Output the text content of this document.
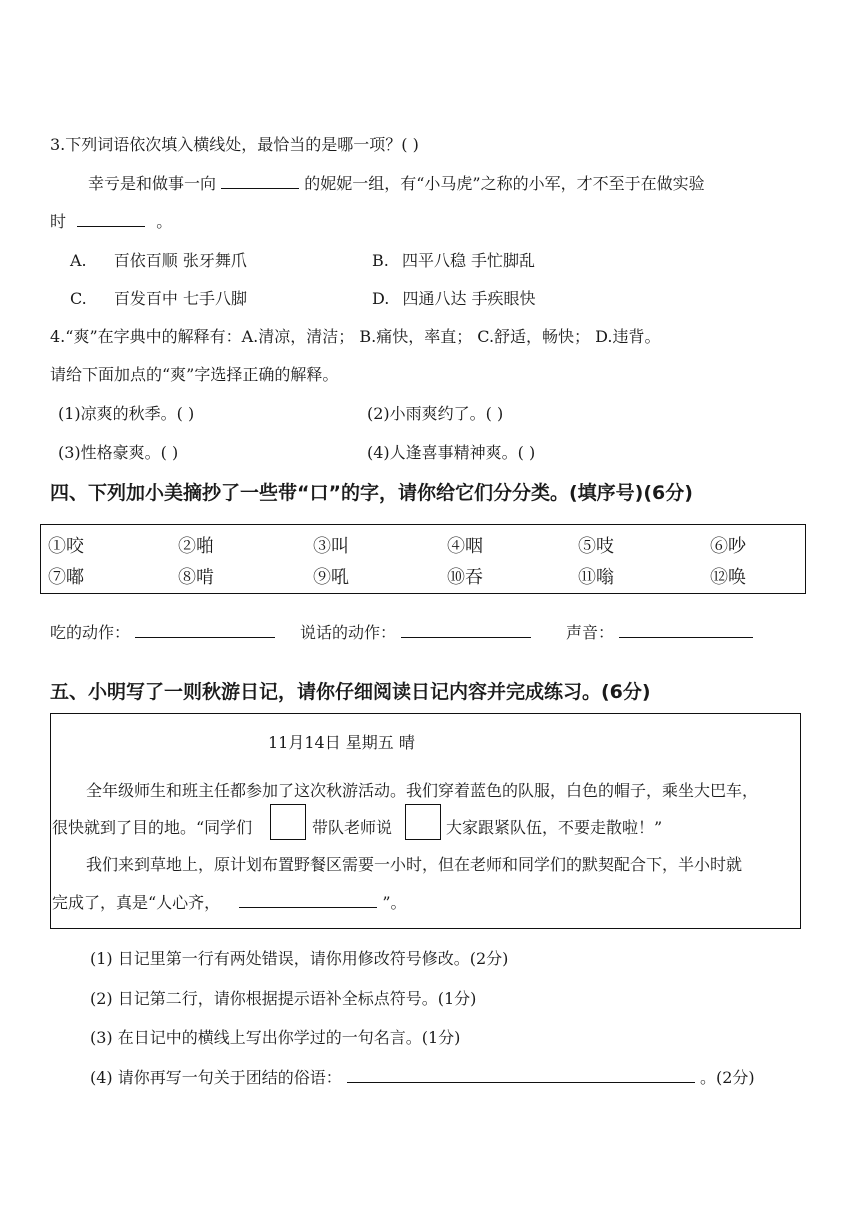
3.下列词语依次填入横线处，最恰当的是哪一项？( )
幸亏是和做事一向	的妮妮一组，有“小马虎”之称的小军，才不至于在做实验
时	。
A. 百依百顺 张牙舞爪	B. 四平八稳 手忙脚乱
C. 百发百中 七手八脚	D. 四通八达 手疾眼快
4.“爽”在字典中的解释有：A.清凉，清洁； B.痛快，率直； C.舒适，畅快； D.违背。
请给下面加点的“爽”字选择正确的解释。
(1)凉爽的秋季。( )	(2)小雨爽约了。( )
(3)性格豪爽。( )	(4)人逢喜事精神爽。( )
四、下列加小美摘抄了一些带“口”的字，请你给它们分分类。(填序号)(6分)
①咬	②啪	③叫	④咽	⑤吱	⑥吵
⑦嘟	⑧啃	⑨吼	⑩吞	⑪嗡	⑫唤
吃的动作：	说话的动作：	声音：
五、小明写了一则秋游日记，请你仔细阅读日记内容并完成练习。(6分)
11月14日 星期五 晴
全年级师生和班主任都参加了这次秋游活动。我们穿着蓝色的队服，白色的帽子，乘坐大巴车，
很快就到了目的地。“同学们	带队老师说	大家跟紧队伍，不要走散啦！”
我们来到草地上，原计划布置野餐区需要一小时，但在老师和同学们的默契配合下，半小时就
完成了，真是“人心齐，	”。
(1) 日记里第一行有两处错误，请你用修改符号修改。(2分)
(2) 日记第二行，请你根据提示语补全标点符号。(1分)
(3) 在日记中的横线上写出你学过的一句名言。(1分)
(4) 请你再写一句关于团结的俗语：	。(2分)
